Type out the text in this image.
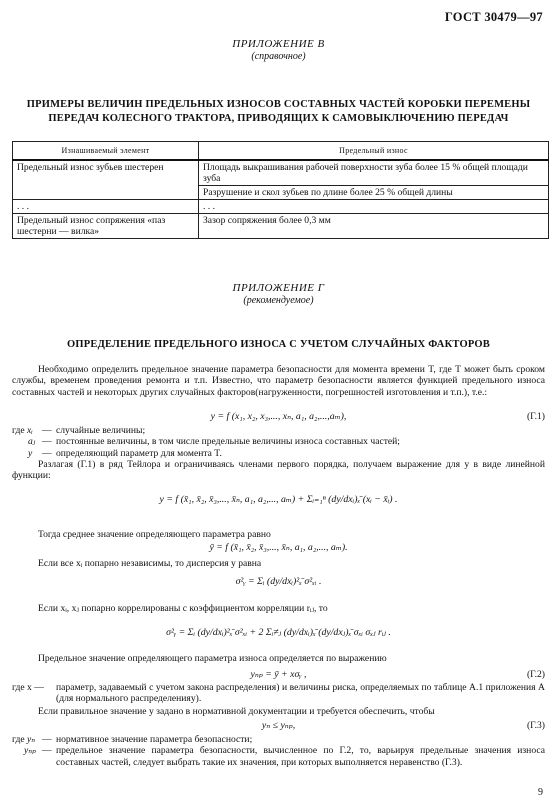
ГОСТ 30479—97
ПРИЛОЖЕНИЕ В
(справочное)
ПРИМЕРЫ ВЕЛИЧИН ПРЕДЕЛЬНЫХ ИЗНОСОВ СОСТАВНЫХ ЧАСТЕЙ КОРОБКИ ПЕРЕМЕНЫ
ПЕРЕДАЧ КОЛЕСНОГО ТРАКТОРА, ПРИВОДЯЩИХ К САМОВЫКЛЮЧЕНИЮ ПЕРЕДАЧ
Изнашиваемый элемент	Предельный износ
Предельный износ зубьев шестерен	Площадь выкрашивания рабочей поверхности зуба более 15 % общей площади зуба
	Разрушение и скол зубьев по длине более 25 % общей длины
. . .	. . .
Предельный износ сопряжения «паз шестерни — вилка»	Зазор сопряжения более 0,3 мм
ПРИЛОЖЕНИЕ Г
(рекомендуемое)
ОПРЕДЕЛЕНИЕ ПРЕДЕЛЬНОГО ИЗНОСА С УЧЕТОМ СЛУЧАЙНЫХ ФАКТОРОВ
Необходимо определить предельное значение параметра безопасности для момента времени T, где T может быть сроком службы, временем проведения ремонта и т.п. Известно, что параметр безопасности является функцией предельного износа составных частей и некоторых других случайных факторов(нагруженности, погрешностей изготовления и т.п.), т.е.:
y = f (x₁, x₂, x₃,..., xₙ, a₁, a₂,...,aₘ),	(Г.1)
где xᵢ — случайные величины;
aⱼ — постоянные величины, в том числе предельные величины износа составных частей;
y	— определяющий параметр для момента T.
Разлагая (Г.1) в ряд Тейлора и ограничиваясь членами первого порядка, получаем выражение для y в виде линейной функции:
y = f (x̄₁, x̄₂, x̄₃,..., x̄ₙ, a₁, a₂,..., aₘ) + Σᵢ₌₁ⁿ (dy/dxᵢ)ₓ̄ (xᵢ − x̄ᵢ) .
Тогда среднее значение определяющего параметра равно
ȳ = f (x̄₁, x̄₂, x̄₃,..., x̄ₙ, a₁, a₂,..., aₘ).
Если все xᵢ попарно независимы, то дисперсия y равна
σ²ᵧ = Σᵢ (dy/dxᵢ)²ₓ̄ σ²ₓᵢ .
Если xᵢ, xⱼ попарно коррелированы с коэффициентом корреляции rᵢⱼ, то
σ²ᵧ = Σᵢ (dy/dxᵢ)²ₓ̄ σ²ₓᵢ + 2 Σᵢ≠ⱼ (dy/dxᵢ)ₓ̄ (dy/dxⱼ)ₓ̄ σₓᵢ σₓⱼ rᵢⱼ .
Предельное значение определяющего параметра износа определяется по выражению
yₙₚ = ȳ + xσᵧ ,	(Г.2)
где x —	параметр, задаваемый с учетом закона распределения) и величины риска, определяемых по таблице А.1 приложения А (для нормального распределенияy).
Если правильное значение y задано в нормативной документации и требуется обеспечить, чтобы
yₙ ≤ yₙₚ,	(Г.3)
где yₙ — нормативное значение параметра безопасности;
yₙₚ — предельное значение параметра безопасности, вычисленное по Г.2, то, варьируя предельные значения износа составных частей, следует выбрать такие их значения, при которых выполняется неравенство (Г.3).
9
